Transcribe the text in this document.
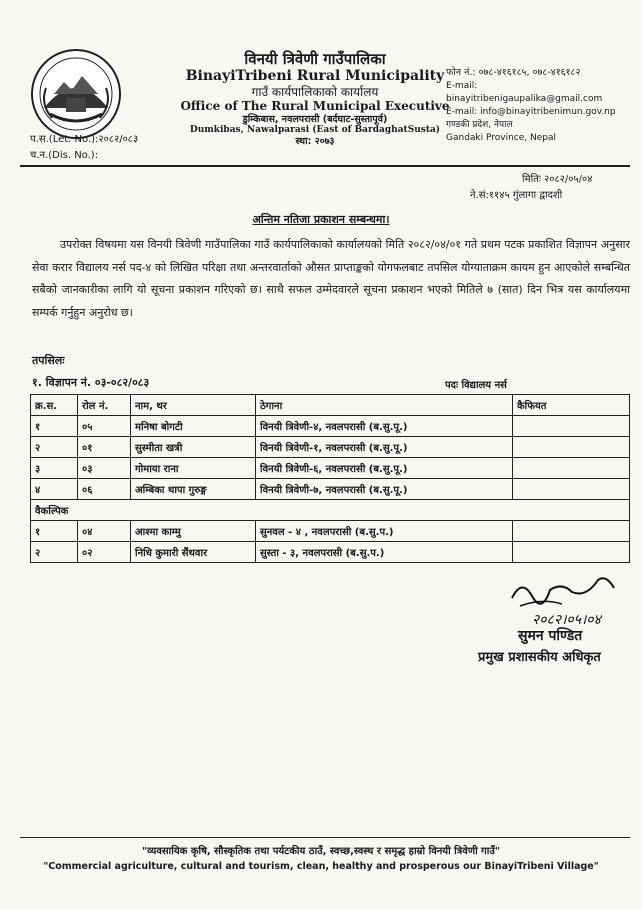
विनयी त्रिवेणी गाउँपालिका
BinayiTribeni Rural Municipality
गाउँ कार्यपालिकाको कार्यालय
Office of The Rural Municipal Executive
डुम्किबास, नवलपरासी (बर्दघाट-सुस्तापूर्व)
Dumkibas, Nawalparasi (East of BardaghatSusta)
स्था: २०७३
फोन नं.: ०७८-४१६१८५, ०७८-४१६१८२
E-mail:
binayitribenigaupalika@gmail.com
E-mail: info@binayitribenimun.gov.np
गण्डकी प्रदेश, नेपाल
Gandaki Province, Nepal
प.स.(Let. No.):२०८२/०८३
च.न.(Dis. No.):
मितिः २०८२/०५/०४
ने.सं:११४५ गुंलागा द्वादशी
अन्तिम नतिजा प्रकाशन सम्बन्धमा।
उपरोक्त विषयमा यस विनयी त्रिवेणी गाउँपालिका गाउँ कार्यपालिकाको कार्यालयको मिति २०८२/०४/०१ गते प्रथम पटक प्रकाशित विज्ञापन अनुसार सेवा करार विद्यालय नर्स पद-४ को लिखित परिक्षा तथा अन्तरवार्ताको औसत प्राप्ताङ्कको योगफलबाट तपसिल योग्याताक्रम कायम हुन आएकोले सम्बन्धित सबैको जानकारीका लागि यो सूचना प्रकाशन गरिएको छ। साथै सफल उम्मेदवारले सूचना प्रकाशन भएको मितिले ७ (सात) दिन भित्र यस कार्यालयमा सम्पर्क गर्नुहुन अनुरोध छ।
तपसिलः
१. विज्ञापन नं. ०३-०८२/०८३	पदः विद्यालय नर्स
क्र.स.	रोल नं.	नाम, थर	ठेगाना	कैफियत
१	०५	मनिषा बोगटी	विनयी त्रिवेणी-४, नवलपरासी (ब.सु.पू.)	
२	०१	सुस्मीता खत्री	विनयी त्रिवेणी-१, नवलपरासी (ब.सु.पू.)	
३	०३	गोमाया राना	विनयी त्रिवेणी-६, नवलपरासी (ब.सु.पू.)	
४	०६	अम्बिका थापा गुरुङ्ग	विनयी त्रिवेणी-७, नवलपरासी (ब.सु.पू.)	
वैकल्पिक				
१	०४	आश्मा काम्मु	सुनवल - ४ , नवलपरासी (ब.सु.प.)	
२	०२	निधि कुमारी सैंथवार	सुस्ता - ३, नवलपरासी (ब.सु.प.)	
२०८२।०५।०४
सुमन पण्डित
प्रमुख प्रशासकीय अधिकृत
"व्यवसायिक कृषि, सौस्कृतिक तथा पर्यटकीय ठाउँ, स्वच्छ,स्वस्थ र समृद्ध हाम्रो विनयी त्रिवेणी गाउँ"
"Commercial agriculture, cultural and tourism, clean, healthy and prosperous our BinayiTribeni Village"
